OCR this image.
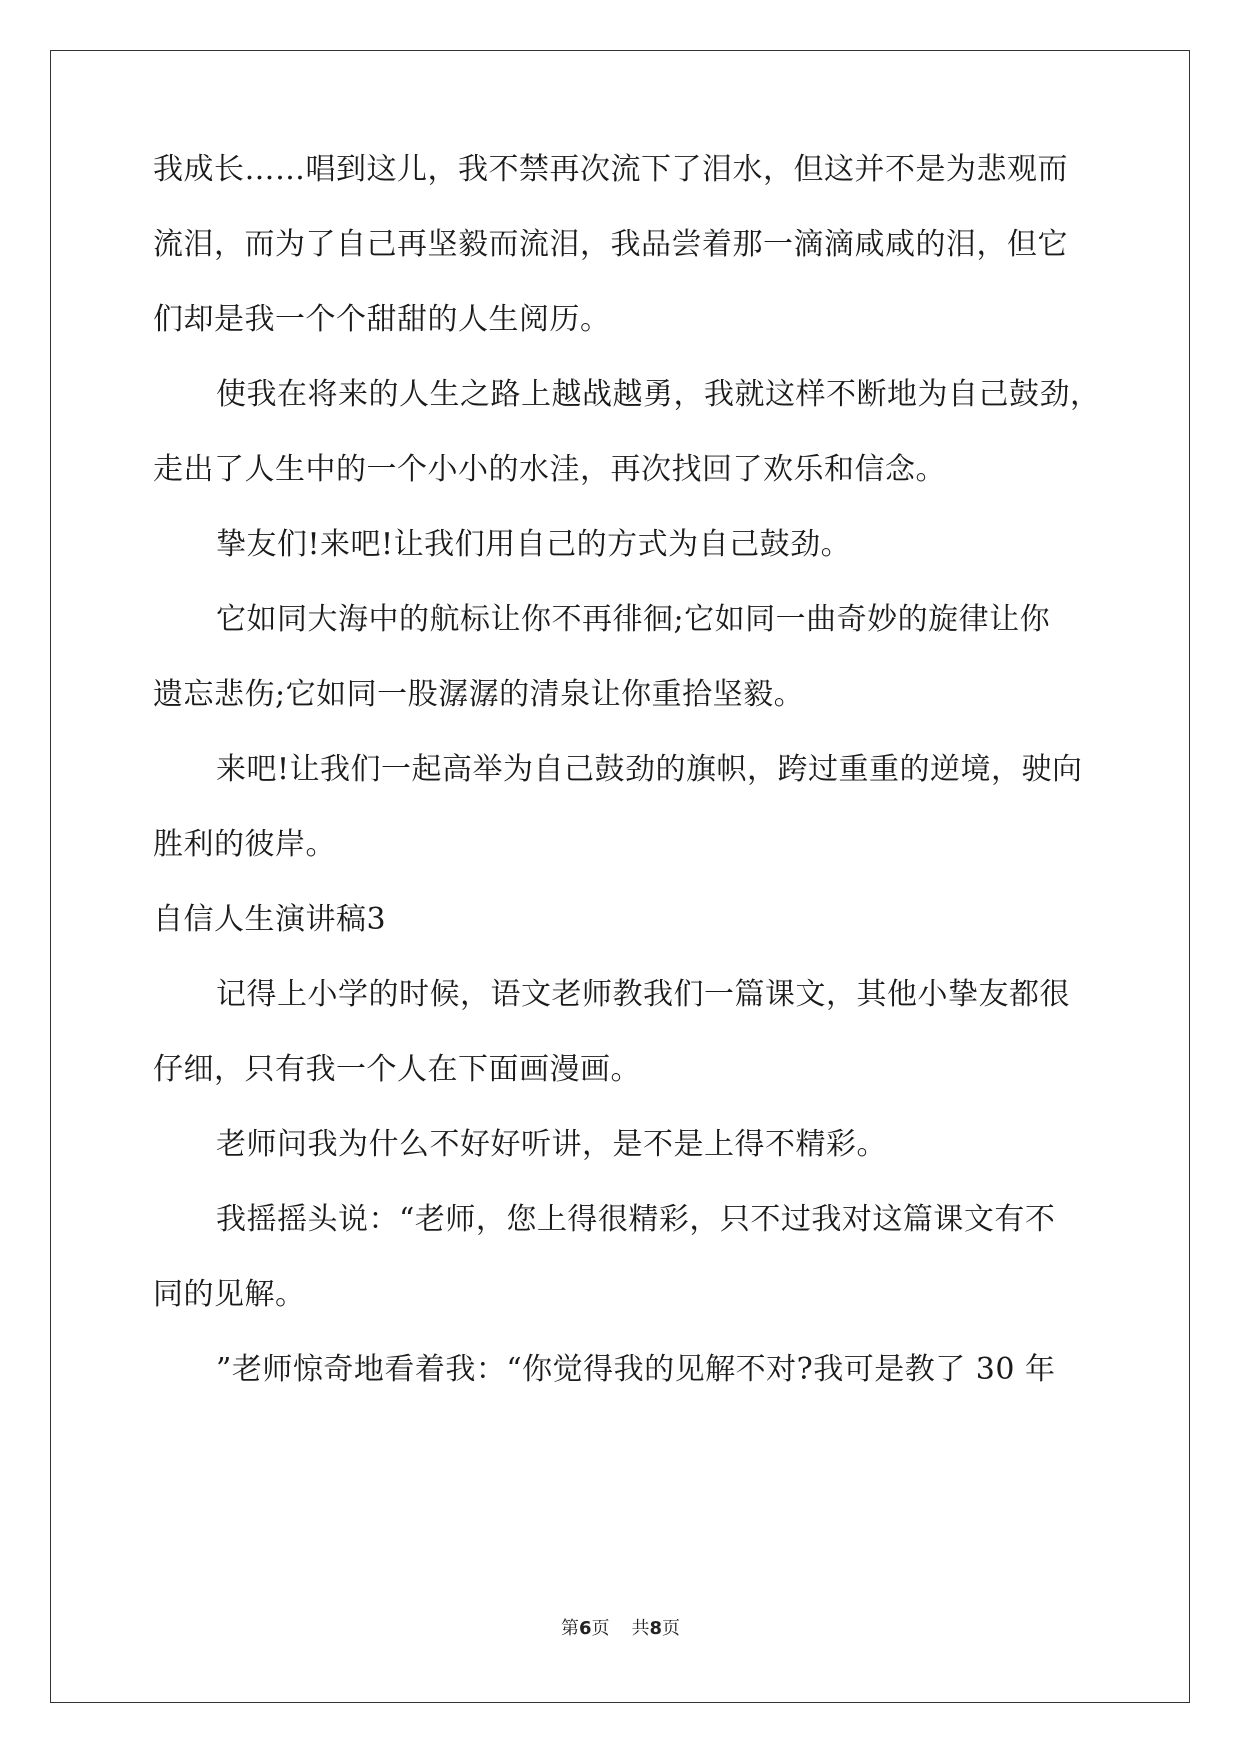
我成长……唱到这儿，我不禁再次流下了泪水，但这并不是为悲观而
流泪，而为了自己再坚毅而流泪，我品尝着那一滴滴咸咸的泪，但它
们却是我一个个甜甜的人生阅历。
使我在将来的人生之路上越战越勇，我就这样不断地为自己鼓劲，
走出了人生中的一个小小的水洼，再次找回了欢乐和信念。
挚友们!来吧!让我们用自己的方式为自己鼓劲。
它如同大海中的航标让你不再徘徊;它如同一曲奇妙的旋律让你
遗忘悲伤;它如同一股潺潺的清泉让你重拾坚毅。
来吧!让我们一起高举为自己鼓劲的旗帜，跨过重重的逆境，驶向
胜利的彼岸。
自信人生演讲稿3
记得上小学的时候，语文老师教我们一篇课文，其他小挚友都很
仔细，只有我一个人在下面画漫画。
老师问我为什么不好好听讲，是不是上得不精彩。
我摇摇头说：“老师，您上得很精彩，只不过我对这篇课文有不
同的见解。
”老师惊奇地看着我：“你觉得我的见解不对?我可是教了 30 年
第6页 共8页
